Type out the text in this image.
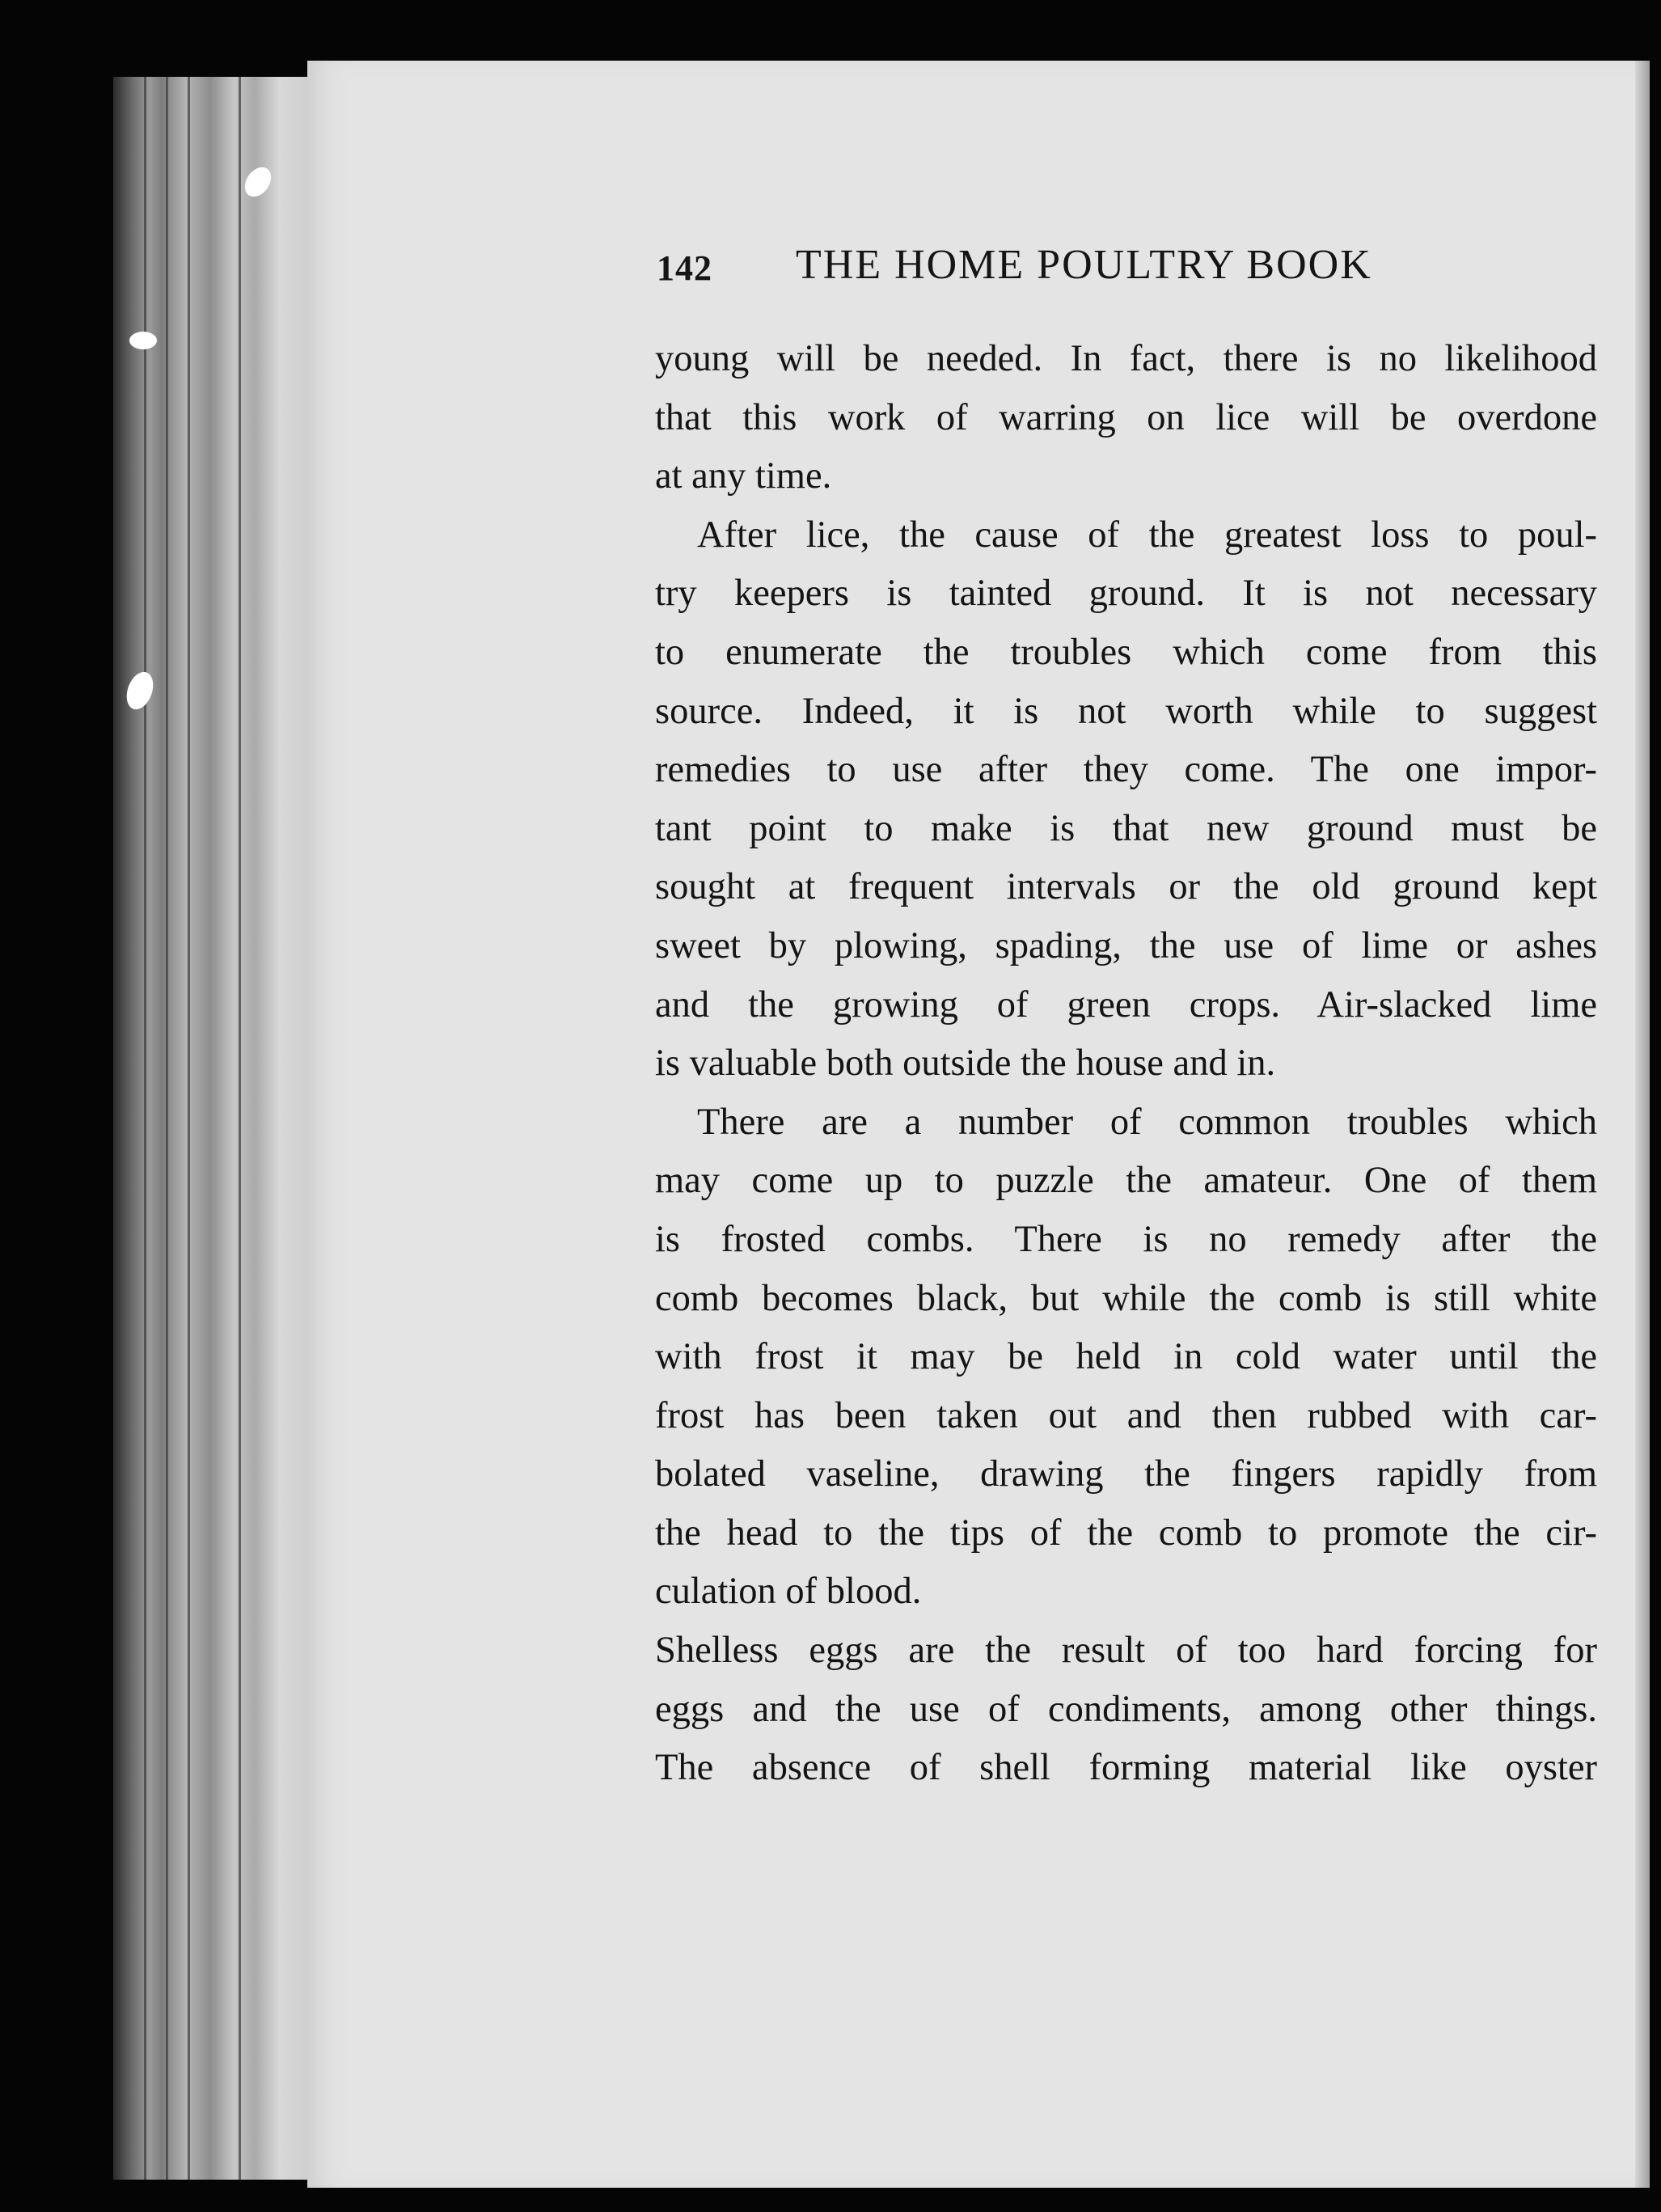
142 THE HOME POULTRY BOOK

young will be needed. In fact, there is no likelihood
that this work of warring on lice will be overdone
at any time.

After lice, the cause of the greatest loss to poul-
try keepers is tainted ground. It is not necessary
to enumerate the troubles which come from this
source. Indeed, it is not worth while to suggest
remedies to use after they come. The one impor-
tant point to make is that new ground must be
sought at frequent intervals or the old ground kept
sweet by plowing, spading, the use of lime or ashes
and the growing of green crops. Air-slacked lime
is valuable both outside the house and in.

There are a number of common troubles which
may come up to puzzle the amateur. One of them
is frosted combs. There is no remedy after the
comb becomes black, but while the comb is still white
with frost it may be held in cold water until the
frost has been taken out and then rubbed with car-
bolated vaseline, drawing the fingers rapidly from
the head to the tips of the comb to promote the cir-
culation of blood.

Shelless eggs are the result of too hard forcing for
eggs and the use of condiments, among other things.
The absence of shell forming material like oyster
